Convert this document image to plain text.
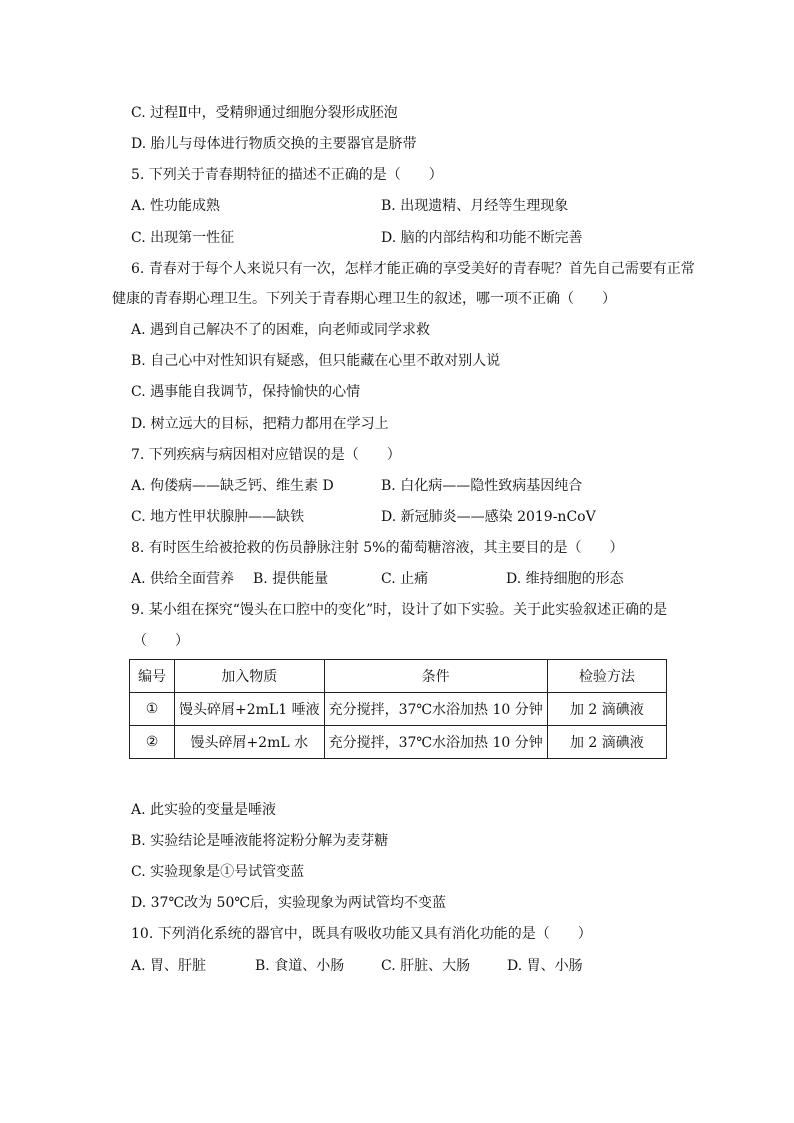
C. 过程Ⅱ中，受精卵通过细胞分裂形成胚泡
D. 胎儿与母体进行物质交换的主要器官是脐带
5. 下列关于青春期特征的描述不正确的是（　　）
A. 性功能成熟	B. 出现遗精、月经等生理现象
C. 出现第一性征	D. 脑的内部结构和功能不断完善
6. 青春对于每个人来说只有一次，怎样才能正确的享受美好的青春呢？首先自己需要有正常
健康的青春期心理卫生。下列关于青春期心理卫生的叙述，哪一项不正确（　　）
A. 遇到自己解决不了的困难，向老师或同学求救
B. 自己心中对性知识有疑惑，但只能藏在心里不敢对别人说
C. 遇事能自我调节，保持愉快的心情
D. 树立远大的目标，把精力都用在学习上
7. 下列疾病与病因相对应错误的是（　　）
A. 佝偻病——缺乏钙、维生素 D	B. 白化病——隐性致病基因纯合
C. 地方性甲状腺肿——缺铁	D. 新冠肺炎——感染 2019-nCoV
8. 有时医生给被抢救的伤员静脉注射 5%的葡萄糖溶液，其主要目的是（　　）
A. 供给全面营养 B. 提供能量	C. 止痛	D. 维持细胞的形态
9. 某小组在探究“馒头在口腔中的变化”时，设计了如下实验。关于此实验叙述正确的是
（　　）
编号	加入物质	条件	检验方法
①	馒头碎屑+2mL1 唾液	充分搅拌，37℃水浴加热 10 分钟	加 2 滴碘液
②	馒头碎屑+2mL 水	充分搅拌，37℃水浴加热 10 分钟	加 2 滴碘液
A. 此实验的变量是唾液
B. 实验结论是唾液能将淀粉分解为麦芽糖
C. 实验现象是①号试管变蓝
D. 37℃改为 50℃后，实验现象为两试管均不变蓝
10. 下列消化系统的器官中，既具有吸收功能又具有消化功能的是（　　）
A. 胃、肝脏	B. 食道、小肠	C. 肝脏、大肠	D. 胃、小肠
